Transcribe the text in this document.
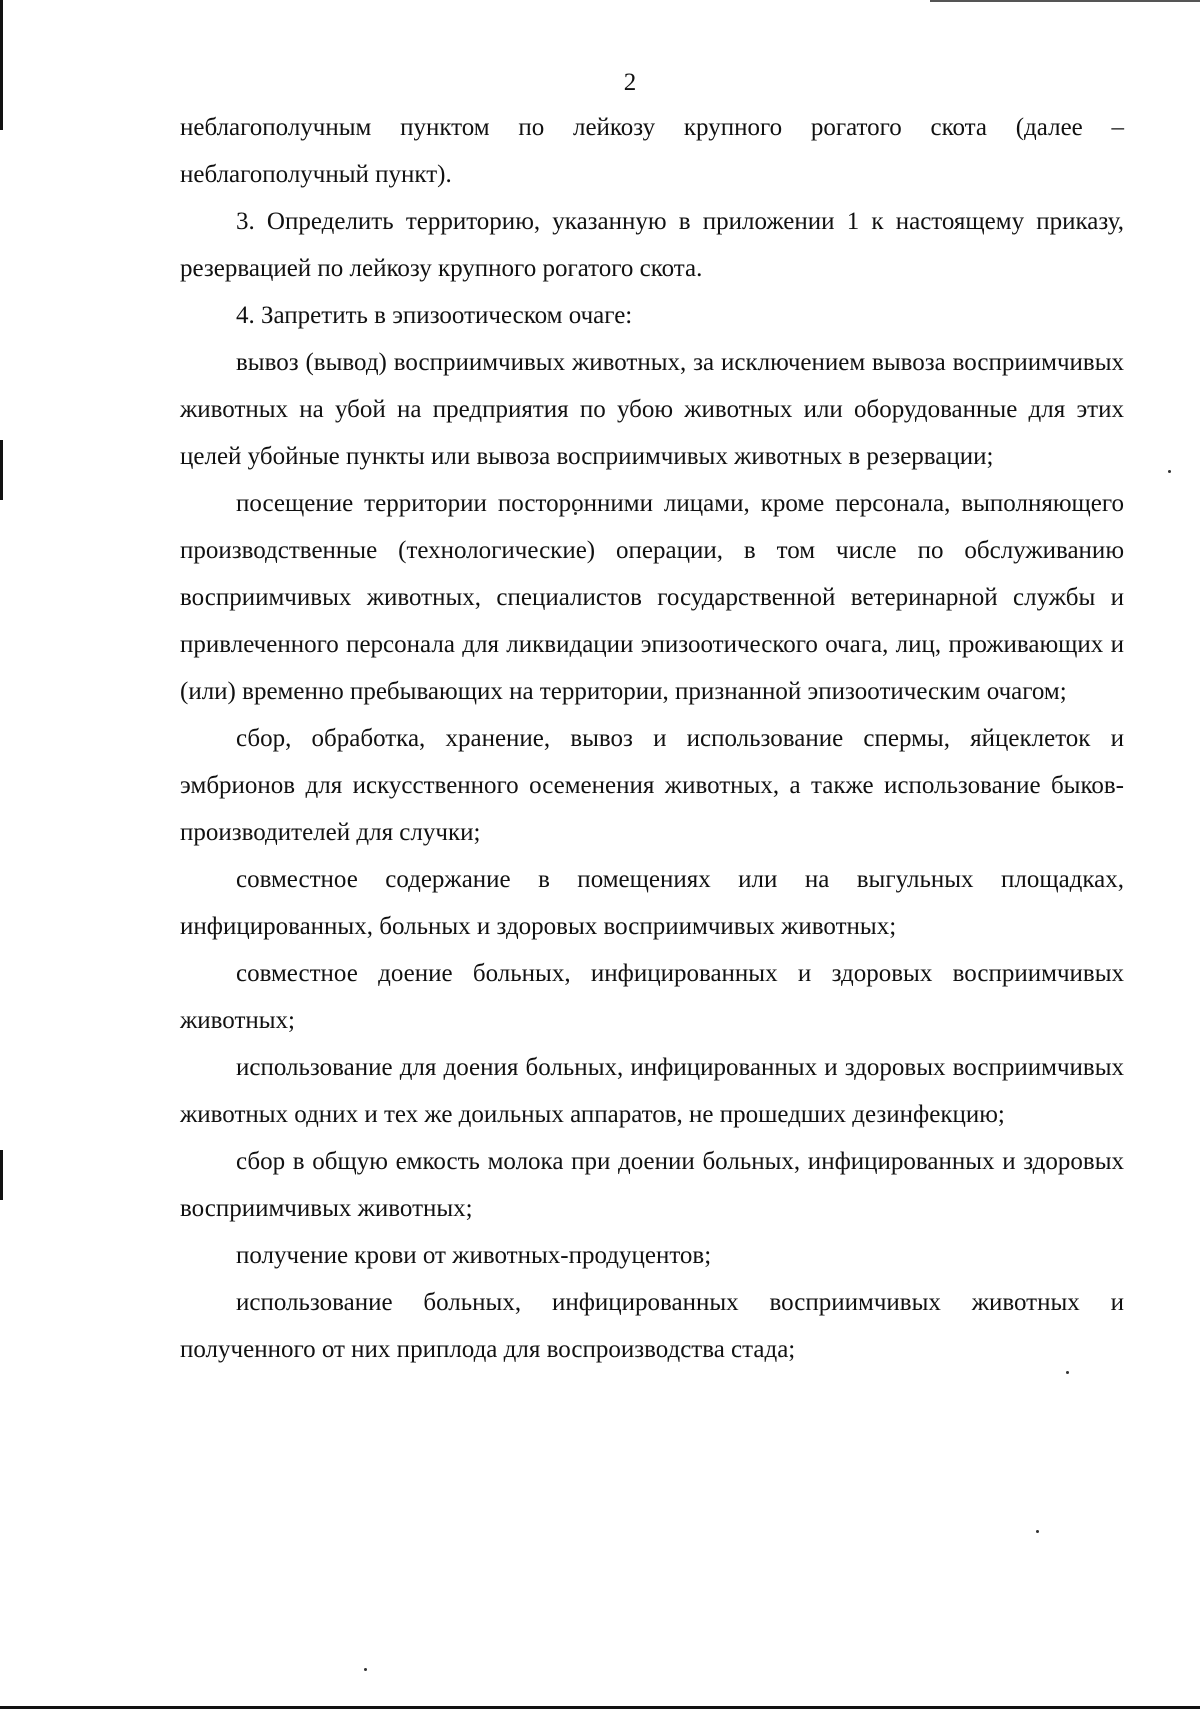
2

неблагополучным пунктом по лейкозу крупного рогатого скота (далее – неблагополучный пункт).

3. Определить территорию, указанную в приложении 1 к настоящему приказу, резервацией по лейкозу крупного рогатого скота.

4. Запретить в эпизоотическом очаге:

вывоз (вывод) восприимчивых животных, за исключением вывоза восприимчивых животных на убой на предприятия по убою животных или оборудованные для этих целей убойные пункты или вывоза восприимчивых животных в резервации;

посещение территории посторонними лицами, кроме персонала, выполняющего производственные (технологические) операции, в том числе по обслуживанию восприимчивых животных, специалистов государственной ветеринарной службы и привлеченного персонала для ликвидации эпизоотического очага, лиц, проживающих и (или) временно пребывающих на территории, признанной эпизоотическим очагом;

сбор, обработка, хранение, вывоз и использование спермы, яйцеклеток и эмбрионов для искусственного осеменения животных, а также использование быков-производителей для случки;

совместное содержание в помещениях или на выгульных площадках, инфицированных, больных и здоровых восприимчивых животных;

совместное доение больных, инфицированных и здоровых восприимчивых животных;

использование для доения больных, инфицированных и здоровых восприимчивых животных одних и тех же доильных аппаратов, не прошедших дезинфекцию;

сбор в общую емкость молока при доении больных, инфицированных и здоровых восприимчивых животных;

получение крови от животных-продуцентов;

использование больных, инфицированных восприимчивых животных и полученного от них приплода для воспроизводства стада;
